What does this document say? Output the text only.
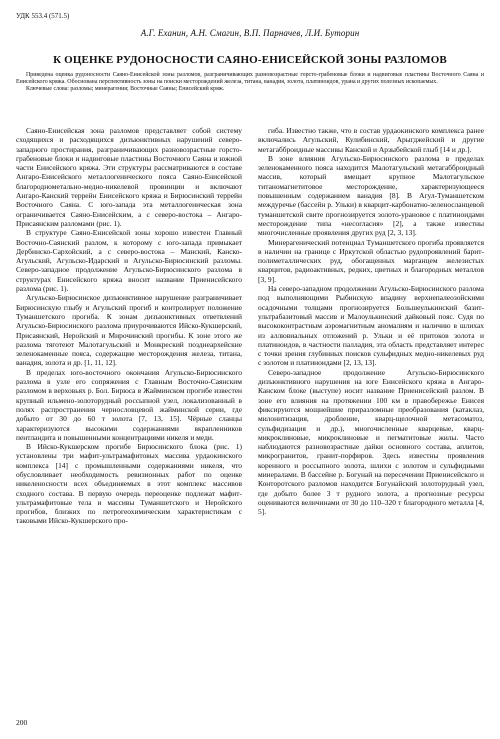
УДК 553.4 (571.5)
А.Г. Еханин, А.Н. Смагин, В.П. Парначев, Л.И. Буторин
К ОЦЕНКЕ РУДОНОСНОСТИ САЯНО-ЕНИСЕЙСКОЙ ЗОНЫ РАЗЛОМОВ

Приведена оценка рудоносности Саяно-Енисейской зоны разломов, разграничивающих разновозрастные горсто-грабеновые блоки и надвиговые пластины Восточного Саяна и Енисейского кряжа. Обоснована перспективность зоны на поиски месторождений железа, титана, ванадия, золота, платиноидов, урана и других полезных ископаемых.

Ключевые слова: разломы; минерагения; Восточные Саяны; Енисейский кряж.

Саяно-Енисейская зона разломов представляет собой систему сходящихся и расходящихся дизъюнктивных нарушений северо-западного простирания, разграничивающих разновозрастные горсто-грабеновые блоки и надвиговые пластины Восточного Саяна и южной части Енисейского кряжа. Эти структуры рассматриваются в составе Ангаро-Енисейского металлогенического пояса Саяно-Енисейской благороднометально-медно-никелевой провинции и включают Ангаро-Канский террейн Енисейского кряжа и Бирюсинский террейн Восточного Саяна. С юго-запада эта металлогеническая зона ограничивается Саяно-Енисейским, а с северо-востока – Ангаро-Присаянским разломами (рис. 1).

В структуре Саяно-Енисейской зоны хорошо известен Главный Восточно-Саянский разлом, к которому с юго-запада примыкает Дербинско-Сархойский, а с северо-востока – Манский, Канско-Агульский, Агульско-Идарский и Агульско-Бирюсинский разломы. Северо-западное продолжение Агульско-Бирюсинского разлома в структурах Енисейского кряжа вносит название Приенисейского разлома (рис. 1).

Агульско-Бирюсинское дизъюнктивное нарушение разграничивает Бирюсинскую глыбу и Агульский прогиб и контролирует положение Туманшетского прогиба. К зонам дизъюнктивных ответвлений Агульско-Бирюсинского разлома приурочиваются Ийско-Кукшерский, Присаянский, Неройский и Мирочинский прогибы. К зоне этого же разлома тяготеют Малотагульский и Монкреский позднеархейские зеленокаменные пояса, содержащие месторождения железа, титана, ванадия, золота и др. [1, 11, 12].

В пределах юго-восточного окончания Агульско-Бирюсинского разлома в узле его сопряжения с Главным Восточно-Саянским разломом в верховьях р. Бол. Бирюса в Жайминском прогибе известен крупный ильмено-золоторудный россыпной узел, локализованный в полях распространения чернословцевой жайминской серии, где добыто от 30 до 60 т золота [7, 13, 15]. Чёрные сланцы характеризуются высокими содержаниями вкрапленников пентландита и повышенными концентрациями никеля и меди.

В Ийско-Кукшерском прогибе Бирюсинского блока (рис. 1) установлены три мафит-ультрамафитовых массива урдаокинского комплекса [14] с промышленными содержаниями никеля, что обусловливает необходимость ревизионных работ по оценке никеленосности всех объединяемых в этот комплекс массивов сходного состава. В первую очередь переоценке подлежат мафит-ультрамафитовые тела и массивы Туманшетского и Неройского прогибов, близких по петрогеохимическим характеристикам с таковыми Ийско-Кукшерского про-

гиба. Известно также, что в состав урдаокинского комплекса ранее включались Агульский, Кулибинский, Арыгджейский и другие метагабброидные массивы Канской и Арзыбейской глыб [14 и др.].

В зоне влияния Агульско-Бирюсинского разлома в пределах зеленокаменного пояса находится Малотагульский метагабброидный массив, который вмещает крупное Малотагульское титаномагнетитовое месторождение, характеризующееся повышенным содержанием ванадия [8]. В Агул-Туманшетском междуречье (бассейн р. Ульки) в кварцит-карбонатно-зеленосланцевой туманшетской свите прогнозируется золото-урановое с платиноидами месторождение типа «несогласия» [2], а также известны многочисленные проявления других руд [2, 3, 13].

Минерагенический потенциал Туманшетского прогиба проявляется в наличии на границе с Иркутской областью рудопроявлений барит-полиметаллических руд, обогащенных марганцем железистых кварцитов, радиоактивных, редких, цветных и благородных металлов [3, 9].

На северо-западном продолжении Агульско-Бирюсинского разлома под выполняющими Рыбинскую впадину верхнепалеозойскими осадочными толщами прогнозируется Большеулькинский базит-ультрабазитовый массив и Малоулькинский дайковый пояс. Судя по высококонтрастным аэромагнитным аномалиям и наличию в шлихах из аллювиальных отложений р. Ульки и её притоков золота и платиноидов, в частности палладия, эта область представляет интерес с точки зрения глубинных поисков сульфидных медно-никелевых руд с золотом и платиноидами [2, 13, 13].

Северо-западное продолжение Агульско-Бирюсинского дизъюнктивного нарушения на юге Енисейского кряжа в Ангаро-Канском блоке (выступе) носит название Приенисейский разлом. В зоне его влияния на протяжении 100 км в правобережье Енисея фиксируются мощнейшие приразломные преобразования (катаклаз, милонитизация, дробление, кварц-щелочной метасоматоз, сульфидизация и др.), многочисленные кварцевые, кварц-микроклиновые, микроклиновые и пегматитовые жилы. Часто наблюдаются разновозрастные дайки основного состава, аплитов, микрогранитов, гранит-порфиров. Здесь известны проявления коренного и россыпного золота, шлихи с золотом и сульфидными минералами. В бассейне р. Богунай на пересечении Приенисейского и Конторотского разломов находится Богунайский золоторудный узел, где добыто более 3 т рудного золота, а прогнозные ресурсы оцениваются величинами от 30 до 110–320 т благородного металла [4, 5].

200
